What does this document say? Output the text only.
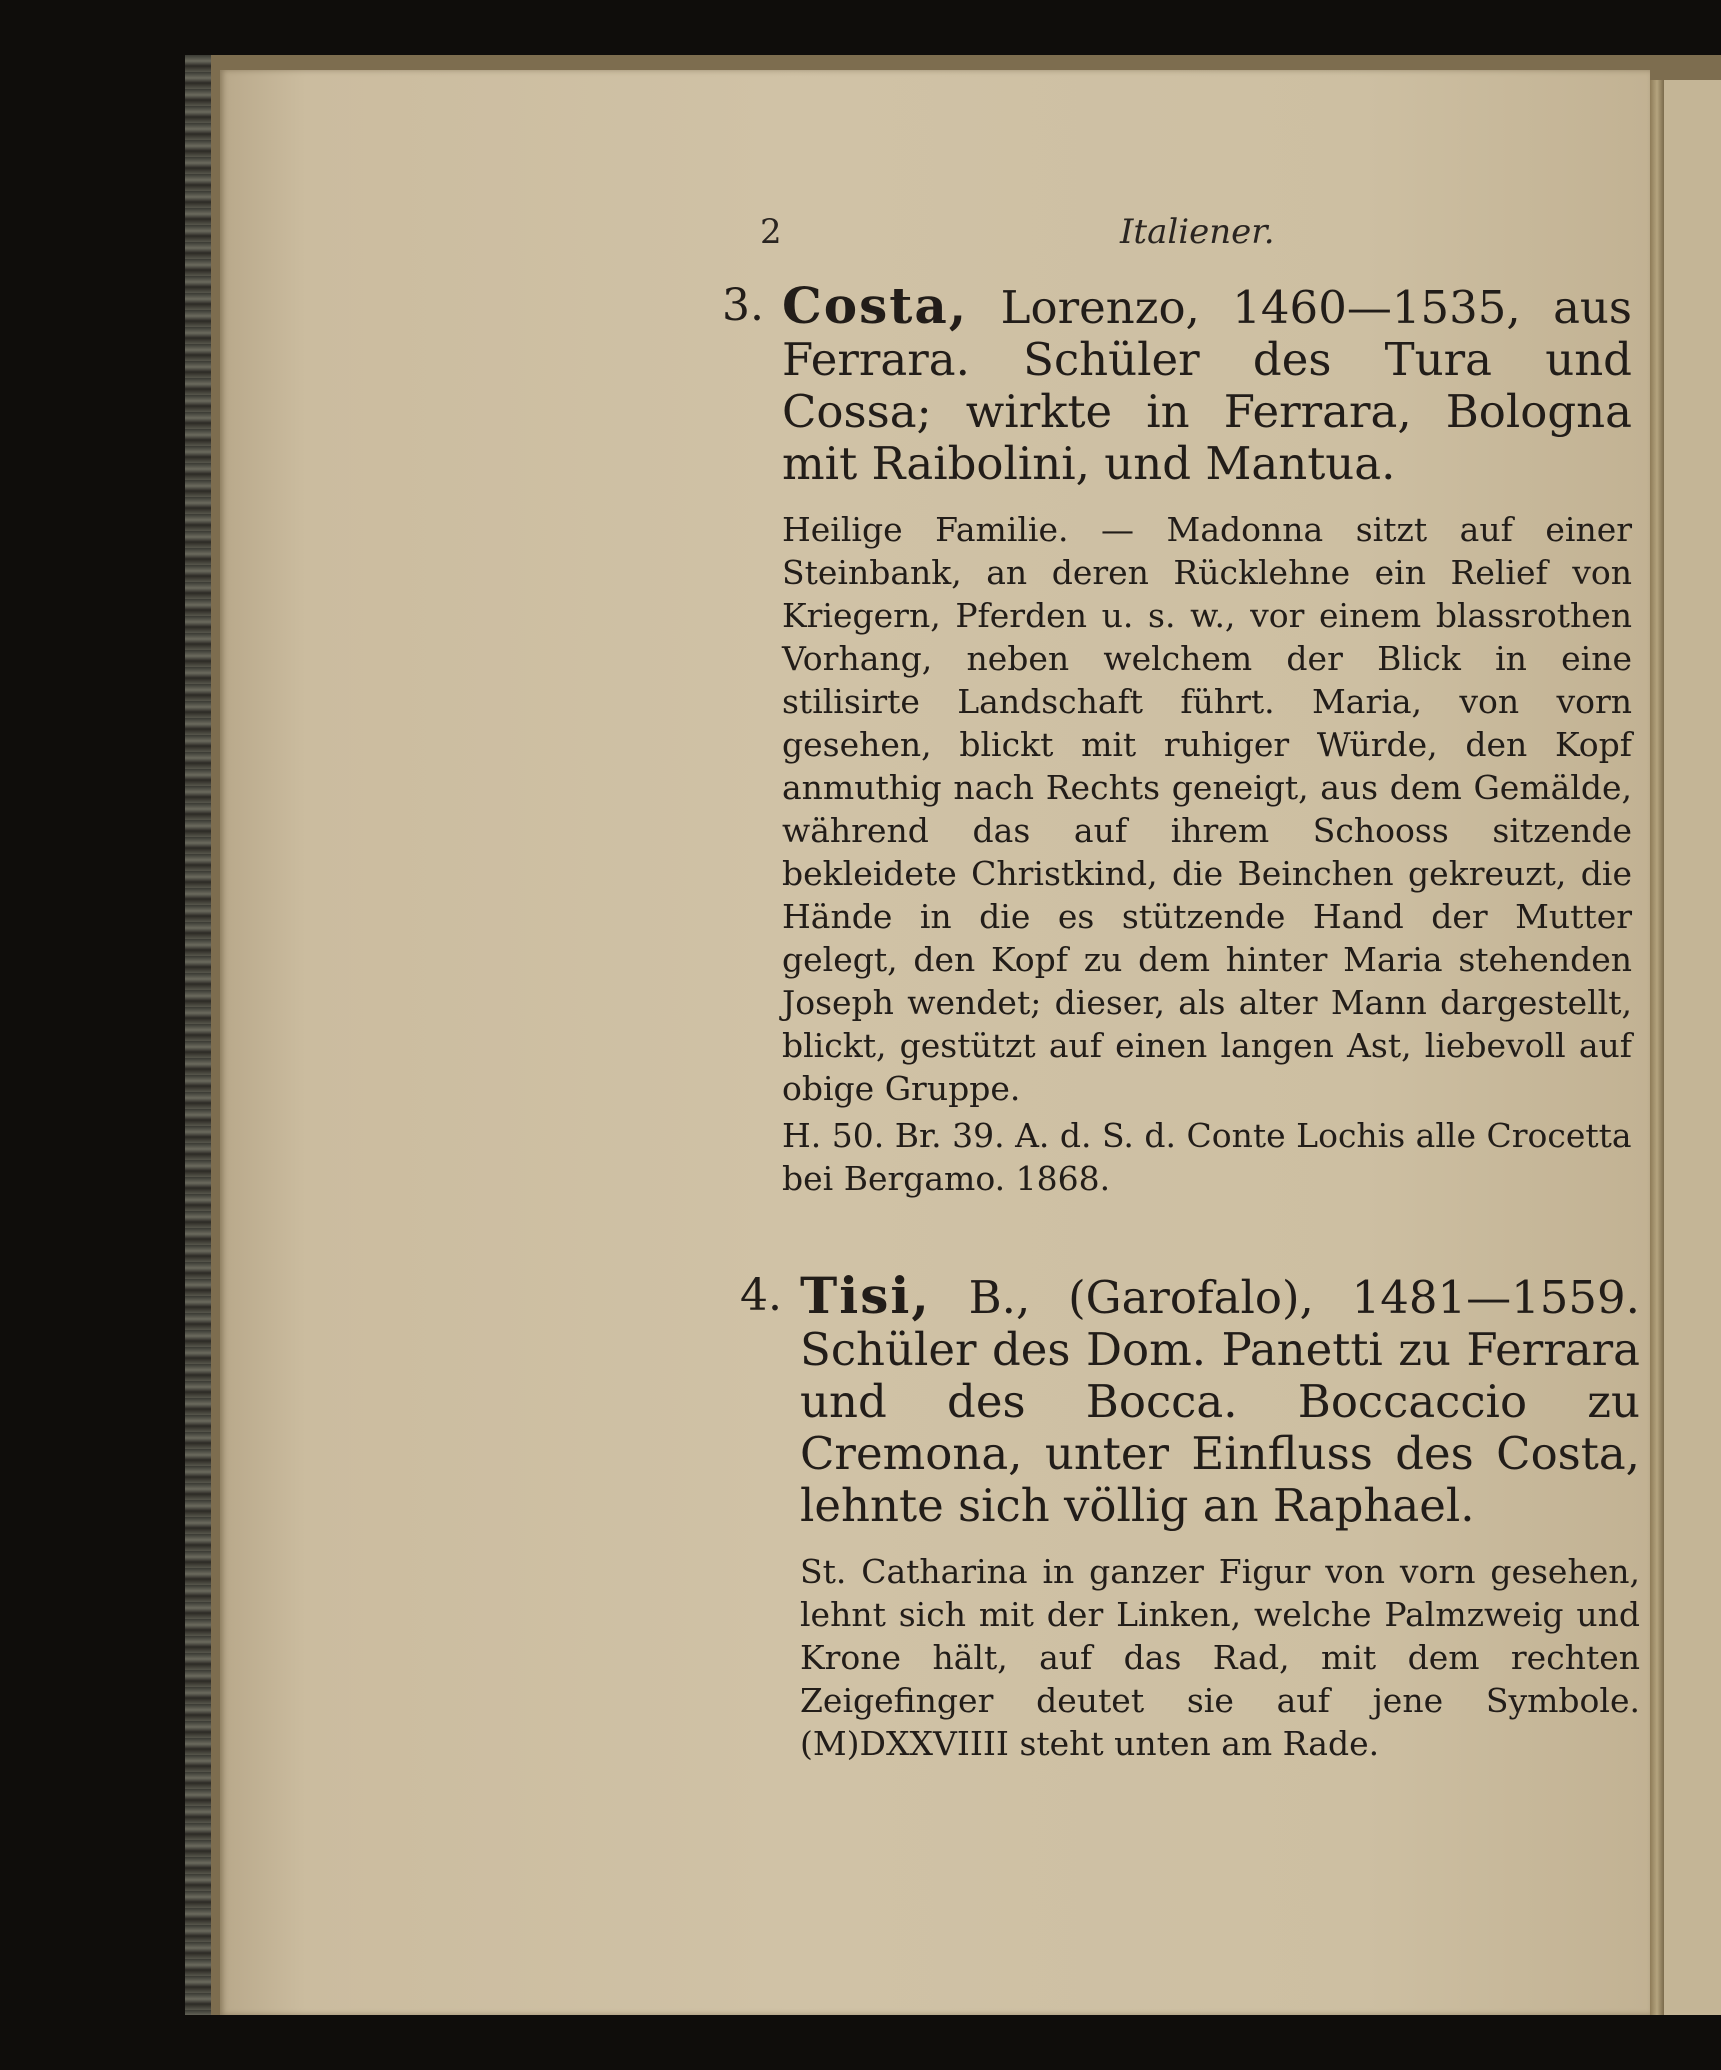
2	Italiener.

3. Costa, Lorenzo, 1460—1535, aus Ferrara. Schüler des Tura und Cossa; wirkte in Ferrara, Bologna mit Raibolini, und Mantua.

Heilige Familie. — Madonna sitzt auf einer Steinbank, an deren Rücklehne ein Relief von Kriegern, Pferden u. s. w., vor einem blassrothen Vorhang, neben welchem der Blick in eine stilisirte Landschaft führt. Maria, von vorn gesehen, blickt mit ruhiger Würde, den Kopf anmuthig nach Rechts geneigt, aus dem Gemälde, während das auf ihrem Schooss sitzende bekleidete Christkind, die Beinchen gekreuzt, die Hände in die es stützende Hand der Mutter gelegt, den Kopf zu dem hinter Maria stehenden Joseph wendet; dieser, als alter Mann dargestellt, blickt, gestützt auf einen langen Ast, liebevoll auf obige Gruppe.

H. 50. Br. 39. A. d. S. d. Conte Lochis alle Crocetta bei Bergamo. 1868.

4. Tisi, B., (Garofalo), 1481—1559. Schüler des Dom. Panetti zu Ferrara und des Bocca. Boccaccio zu Cremona, unter Einfluss des Costa, lehnte sich völlig an Raphael.

St. Catharina in ganzer Figur von vorn gesehen, lehnt sich mit der Linken, welche Palmzweig und Krone hält, auf das Rad, mit dem rechten Zeigefinger deutet sie auf jene Symbole. (M)DXXVIIII steht unten am Rade.
